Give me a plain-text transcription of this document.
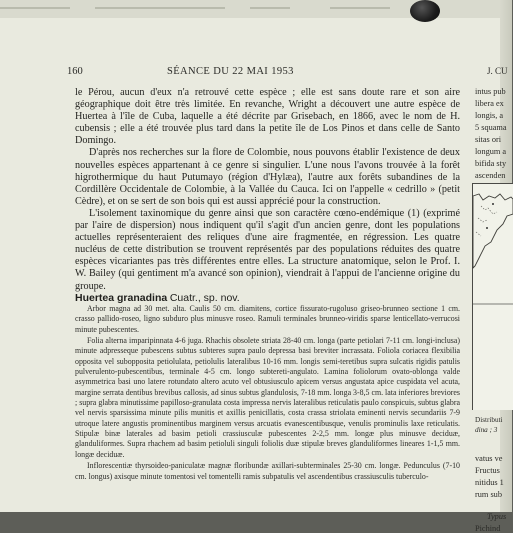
160	SÉANCE DU 22 MAI 1953

le Pérou, aucun d'eux n'a retrouvé cette espèce ; elle est sans doute rare et son aire géographique doit être très limitée. En revanche, Wright a découvert une autre espèce de Huertea à l'île de Cuba, laquelle a été décrite par Grisebach, en 1866, avec le nom de H. cubensis ; elle a été trouvée plus tard dans la petite île de Los Pinos et dans celle de Santo Domingo.

D'après nos recherches sur la flore de Colombie, nous pouvons établir l'existence de deux nouvelles espèces appartenant à ce genre si singulier. L'une nous l'avons trouvée à la forêt higrothermique du haut Putumayo (région d'Hylæa), l'autre aux forêts subandines de la Cordillère Occidentale de Colombie, à la Vallée du Cauca. Ici on l'appelle « cedrillo » (petit Cèdre), et on se sert de son bois qui est aussi apprécié pour la construction.

L'isolement taxinomique du genre ainsi que son caractère cœno-endémique (1) (exprimé par l'aire de dispersion) nous indiquent qu'il s'agit d'un ancien genre, dont les populations actuelles représenteraient des reliques d'une aire fragmentée, en régression. Les quatre nucléus de cette distribution se trouvent représentés par des populations réduites des quatre espèces vicariantes pas très différentes entre elles. La structure anatomique, selon le Prof. I. W. Bailey (qui gentiment m'a avancé son opinion), viendrait à l'appui de l'ancienne origine du groupe.

Huertea granadina Cuatr., sp. nov.

Arbor magna ad 30 met. alta. Caulis 50 cm. diamitens, cortice fissurato-rugoluso griseo-brunneo sectione 1 cm. crasso pallido-roseo, ligno subduro plus minusve roseo. Ramuli terminales brunneo-viridis sparse lenticellato-verrucosi minute pubescentes.

Folia alterna imparipinnata 4-6 juga. Rhachis obsolete striata 28-40 cm. longa (parte petiolari 7-11 cm. longi-inclusa) minute adpresseque pubescens subtus subteres supra paulo depressa basi breviter incrassata. Foliola coriacea flexibilia opposita vel subopposita petiolulata, petiolulis lateralibus 10-16 mm. longis semi-teretibus supra sulcatis rigidis patulis pulverulento-pubescentibus, terminale 4-5 cm. longo subtereti-angulato. Lamina foliolorum ovato-oblonga valde asymmetrica basi uno latere rotundato altero acuto vel obtusiusculo apicem versus angustata apice cuspidata vel acuta, margine serrata dentibus brevibus callosis, ad sinus subtus glandulosis, 7-18 mm. longa 3-8,5 cm. lata inferiores breviores ; supra glabra minutissime papilloso-granulata costa impressa nervis lateralibus reticulatis paulo conspicuis, subtus glabra vel nervis sparsissima minute pilis munitis et axillis penicillatis, costa crassa striolata eminenti nervis secundariis 7-9 utroque latere angustis prominentibus marginem versus arcuatis evanescentibusque, venulis prominulis laxe reticulatis. Stipulæ binæ laterales ad basim petioli crassiusculæ pubescentes 2-2,5 mm. longæ plus minusve deciduæ, glanduliformes. Supra rhachem ad basim petioluli singuli foliolis duæ stipulæ breves glanduliformes lineares 1-1,5 mm. longæ deciduæ.

Inflorescentiæ thyrsoideo-paniculatæ magnæ floribundæ axillari-subterminales 25-30 cm. longæ. Pedunculus (7-10 cm. longus) axisque minute tomentosi vel tomentelli ramis subpatulis vel ascendentibus crassiusculis tuberculo-

J. CU
intus pub
libera ex
longis, a
5 squama
sitas ori
longum a
bifida sty
ascenden
Distributi
dina ; 3
vatus ve
Fructus
nitidus 1
rum sub
Typus
Pichind
